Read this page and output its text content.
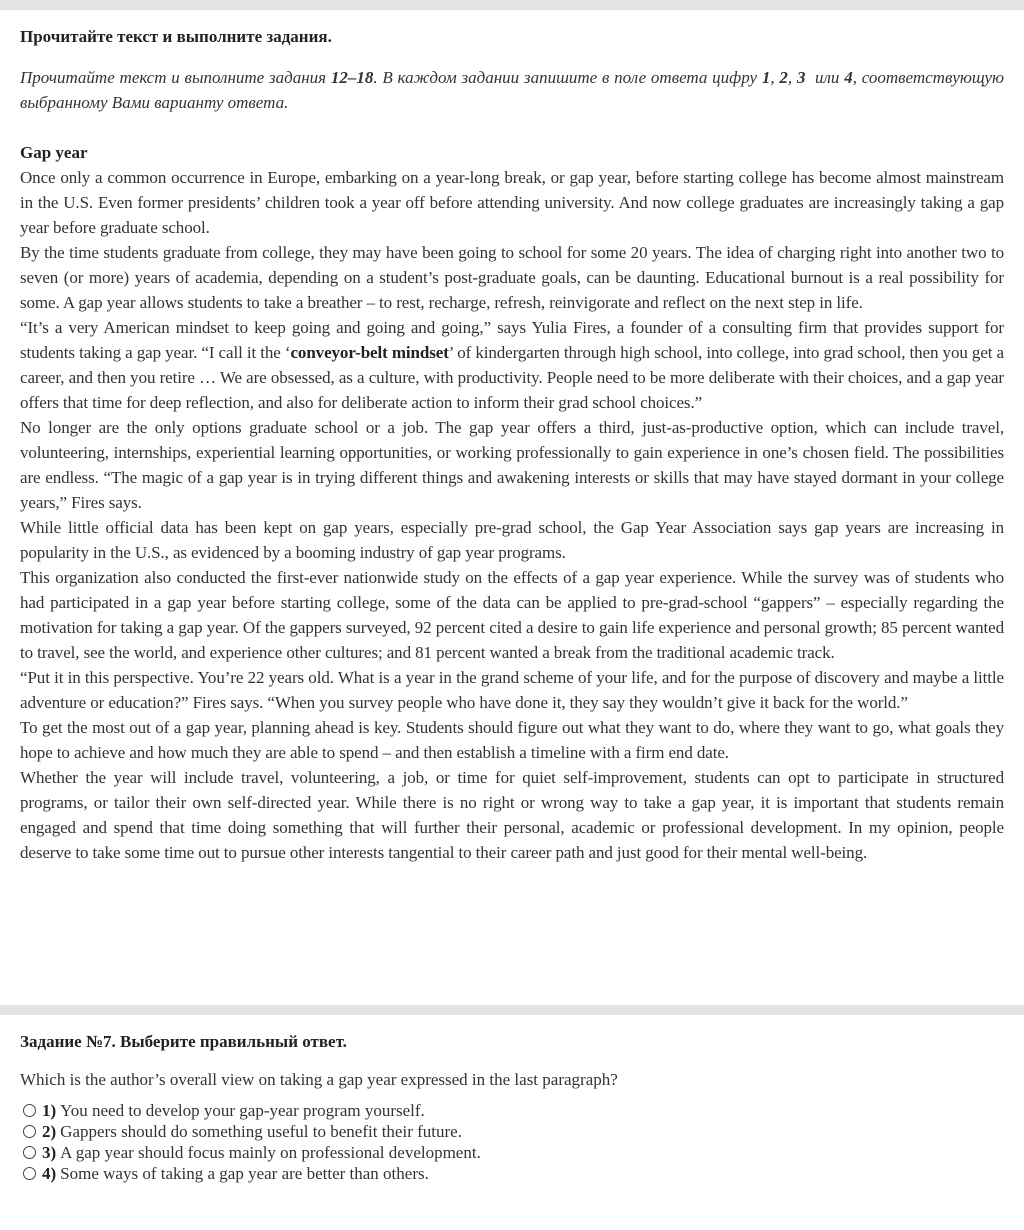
Прочитайте текст и выполните задания.

Прочитайте текст и выполните задания 12–18. В каждом задании запишите в поле ответа цифру 1, 2, 3  или 4, соответствующую выбранному Вами варианту ответа.

Gap year

Once only a common occurrence in Europe, embarking on a year-long break, or gap year, before starting college has become almost mainstream in the U.S. Even former presidents’ children took a year off before attending university. And now college graduates are increasingly taking a gap year before graduate school.

By the time students graduate from college, they may have been going to school for some 20 years. The idea of charging right into another two to seven (or more) years of academia, depending on a student’s post-graduate goals, can be daunting. Educational burnout is a real possibility for some. A gap year allows students to take a breather – to rest, recharge, refresh, reinvigorate and reflect on the next step in life.

“It’s a very American mindset to keep going and going and going,” says Yulia Fires, a founder of a consulting firm that provides support for students taking a gap year. “I call it the ‘conveyor-belt mindset’ of kindergarten through high school, into college, into grad school, then you get a career, and then you retire … We are obsessed, as a culture, with productivity. People need to be more deliberate with their choices, and a gap year offers that time for deep reflection, and also for deliberate action to inform their grad school choices.”

No longer are the only options graduate school or a job. The gap year offers a third, just-as-productive option, which can include travel, volunteering, internships, experiential learning opportunities, or working professionally to gain experience in one’s chosen field. The possibilities are endless. “The magic of a gap year is in trying different things and awakening interests or skills that may have stayed dormant in your college years,” Fires says.

While little official data has been kept on gap years, especially pre-grad school, the Gap Year Association says gap years are increasing in popularity in the U.S., as evidenced by a booming industry of gap year programs.

This organization also conducted the first-ever nationwide study on the effects of a gap year experience. While the survey was of students who had participated in a gap year before starting college, some of the data can be applied to pre-grad-school “gappers” – especially regarding the motivation for taking a gap year. Of the gappers surveyed, 92 percent cited a desire to gain life experience and personal growth; 85 percent wanted to travel, see the world, and experience other cultures; and 81 percent wanted a break from the traditional academic track.

“Put it in this perspective. You’re 22 years old. What is a year in the grand scheme of your life, and for the purpose of discovery and maybe a little adventure or education?” Fires says. “When you survey people who have done it, they say they wouldn’t give it back for the world.”

To get the most out of a gap year, planning ahead is key. Students should figure out what they want to do, where they want to go, what goals they hope to achieve and how much they are able to spend – and then establish a timeline with a firm end date.

Whether the year will include travel, volunteering, a job, or time for quiet self-improvement, students can opt to participate in structured programs, or tailor their own self-directed year. While there is no right or wrong way to take a gap year, it is important that students remain engaged and spend that time doing something that will further their personal, academic or professional development. In my opinion, people deserve to take some time out to pursue other interests tangential to their career path and just good for their mental well-being.

Задание №7. Выберите правильный ответ.

Which is the author’s overall view on taking a gap year expressed in the last paragraph?

1) You need to develop your gap-year program yourself.
2) Gappers should do something useful to benefit their future.
3) A gap year should focus mainly on professional development.
4) Some ways of taking a gap year are better than others.
